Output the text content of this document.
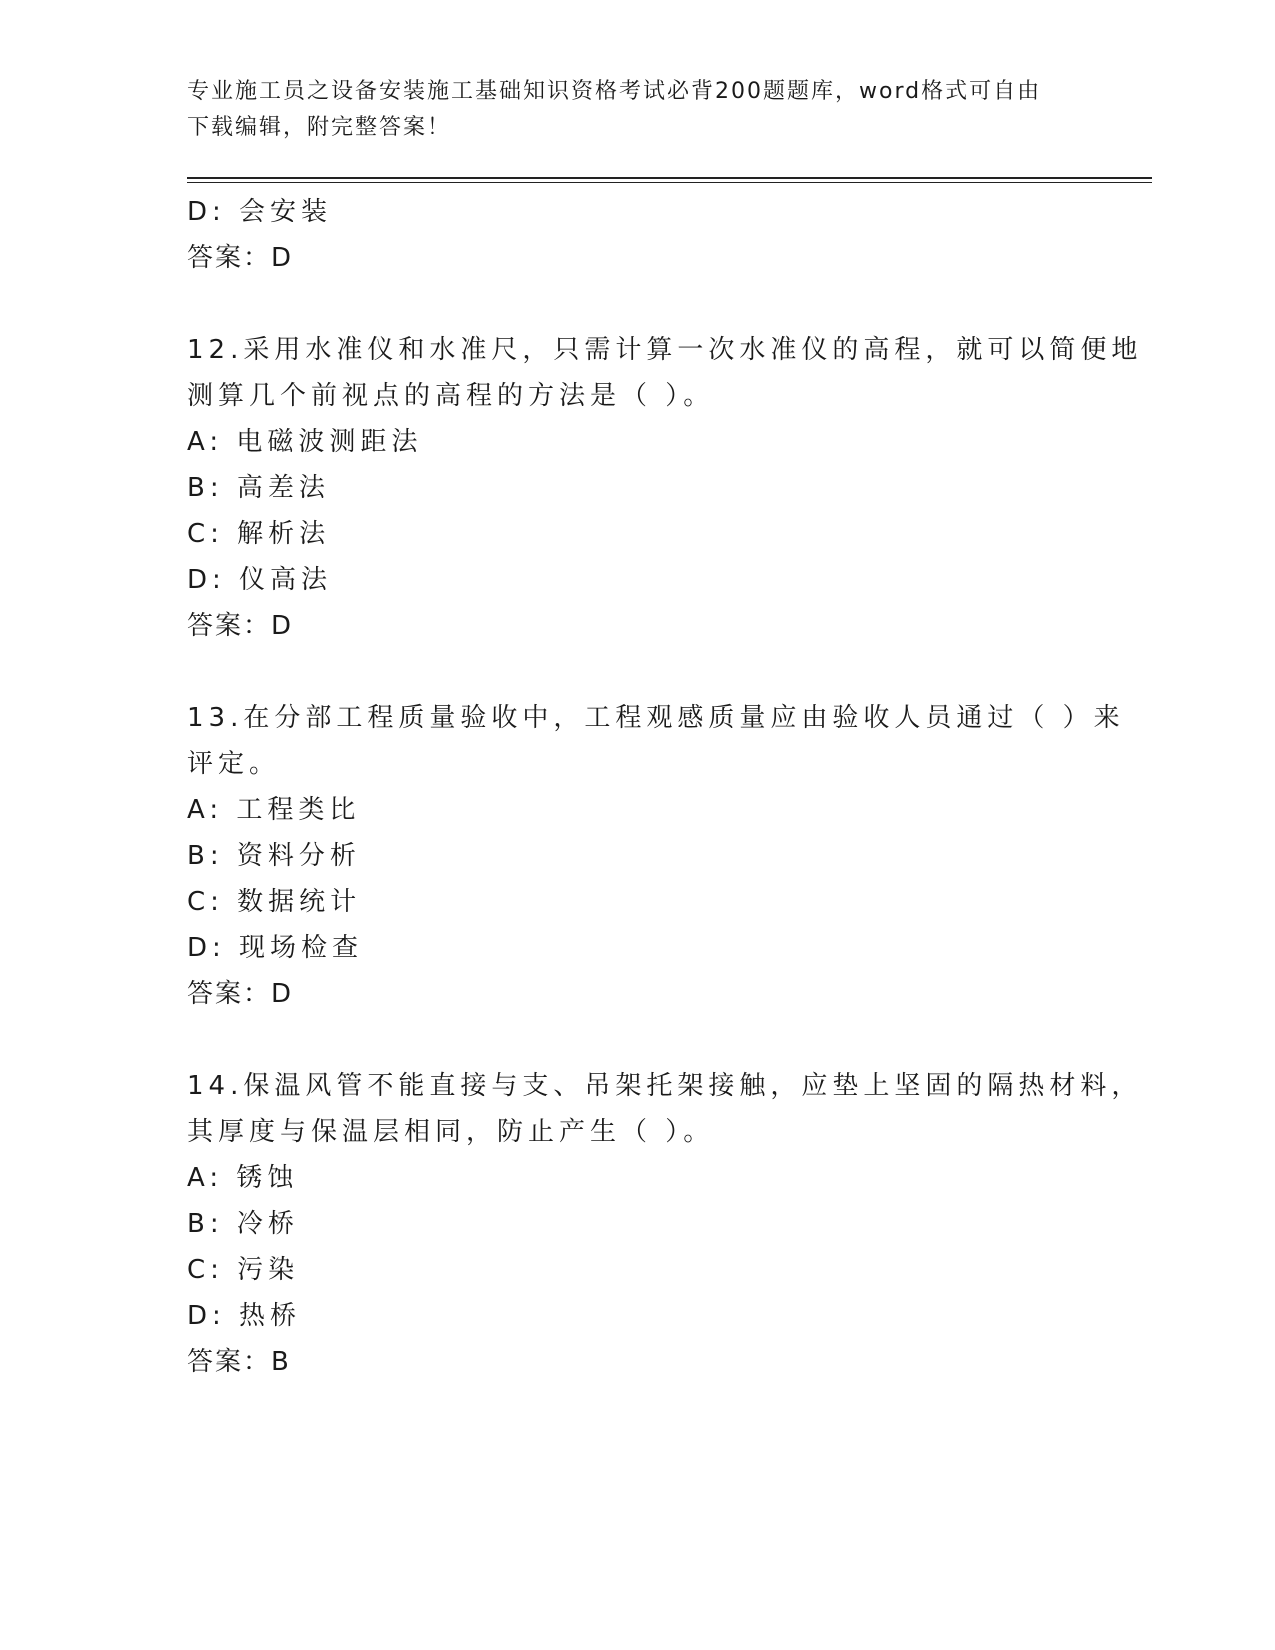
专业施工员之设备安装施工基础知识资格考试必背200题题库，word格式可自由
下载编辑，附完整答案！
D: 会安装
答案：D
12.采用水准仪和水准尺，只需计算一次水准仪的高程，就可以简便地
测算几个前视点的高程的方法是（ ）。
A: 电磁波测距法
B: 高差法
C: 解析法
D: 仪高法
答案：D
13.在分部工程质量验收中，工程观感质量应由验收人员通过（ ）来
评定。
A: 工程类比
B: 资料分析
C: 数据统计
D: 现场检查
答案：D
14.保温风管不能直接与支、吊架托架接触，应垫上坚固的隔热材料，
其厚度与保温层相同，防止产生（ ）。
A: 锈蚀
B: 冷桥
C: 污染
D: 热桥
答案：B
